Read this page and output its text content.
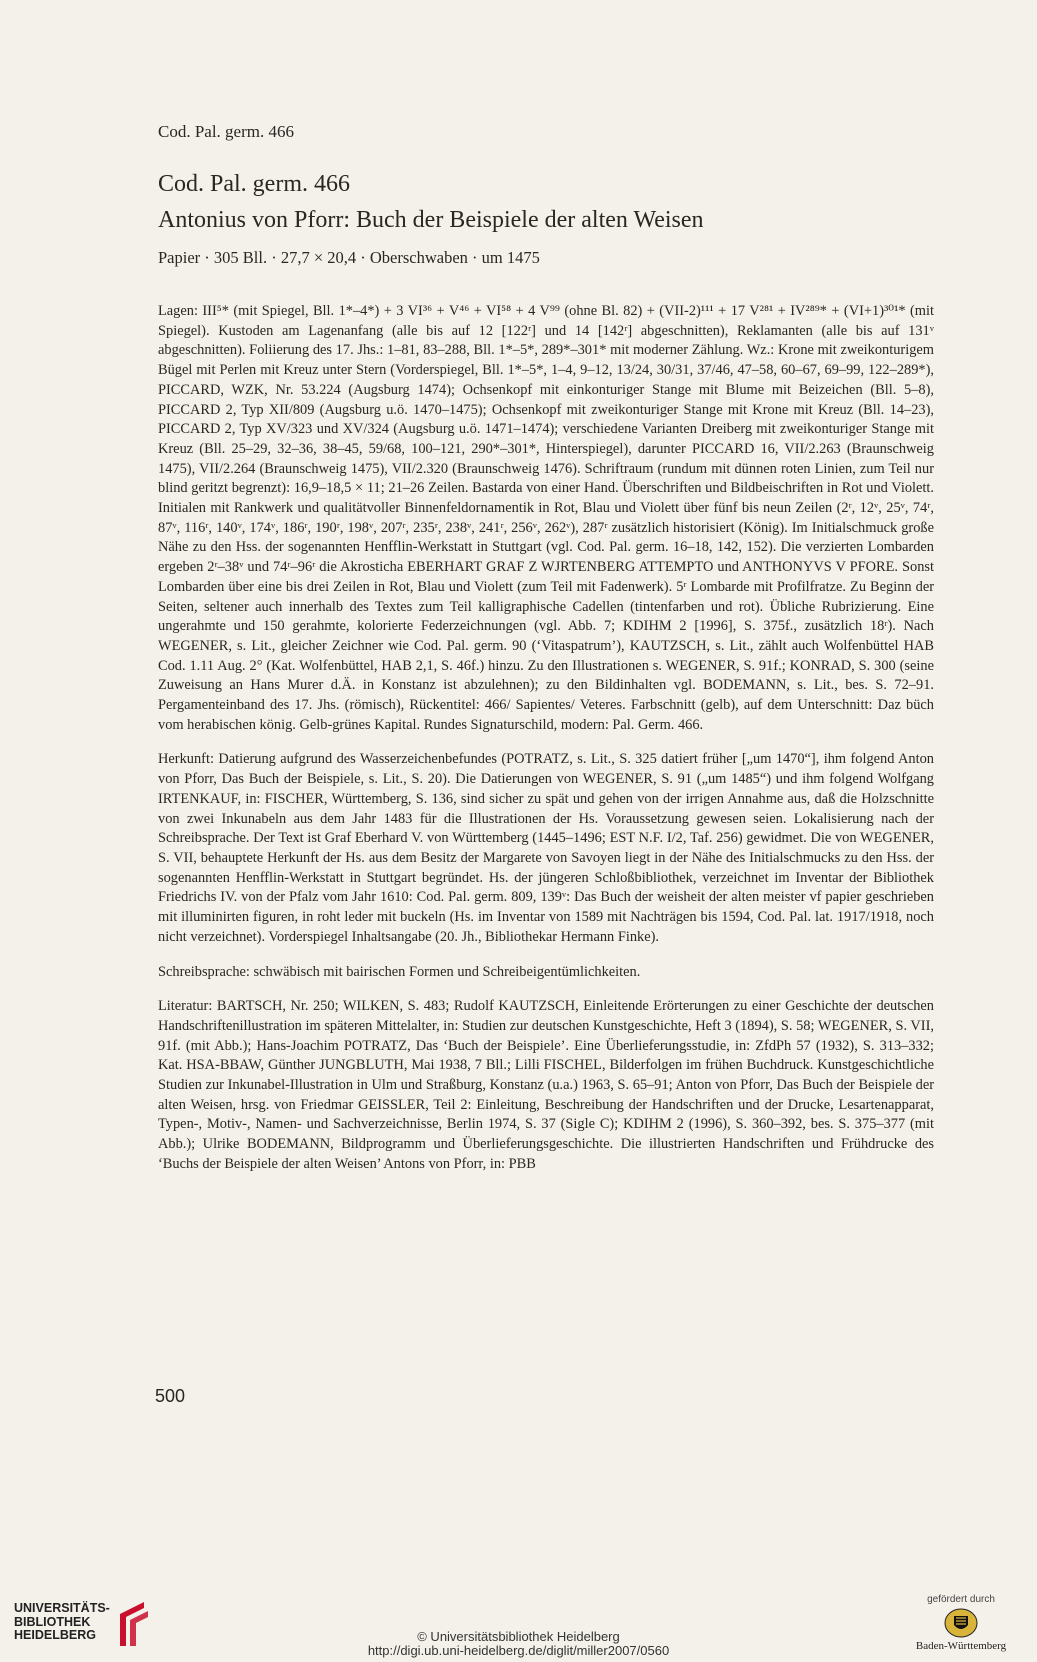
Cod. Pal. germ. 466
Cod. Pal. germ. 466
Antonius von Pforr: Buch der Beispiele der alten Weisen

Papier · 305 Bll. · 27,7 × 20,4 · Oberschwaben · um 1475

Lagen: III⁵* (mit Spiegel, Bll. 1*–4*) + 3 VI³⁶ + V⁴⁶ + VI⁵⁸ + 4 V⁹⁹ (ohne Bl. 82) + (VII-2)¹¹¹ + 17 V²⁸¹ + IV²⁸⁹* + (VI+1)³⁰¹* (mit Spiegel). Kustoden am Lagenanfang (alle bis auf 12 [122ʳ] und 14 [142ʳ] abgeschnitten), Reklamanten (alle bis auf 131ᵛ abgeschnitten). Foliierung des 17. Jhs.: 1–81, 83–288, Bll. 1*–5*, 289*–301* mit moderner Zählung. Wz.: Krone mit zweikonturigem Bügel mit Perlen mit Kreuz unter Stern (Vorderspiegel, Bll. 1*–5*, 1–4, 9–12, 13/24, 30/31, 37/46, 47–58, 60–67, 69–99, 122–289*), PICCARD, WZK, Nr. 53.224 (Augsburg 1474); Ochsenkopf mit einkonturiger Stange mit Blume mit Beizeichen (Bll. 5–8), PICCARD 2, Typ XII/809 (Augsburg u.ö. 1470–1475); Ochsenkopf mit zweikonturiger Stange mit Krone mit Kreuz (Bll. 14–23), PICCARD 2, Typ XV/323 und XV/324 (Augsburg u.ö. 1471–1474); verschiedene Varianten Dreiberg mit zweikonturiger Stange mit Kreuz (Bll. 25–29, 32–36, 38–45, 59/68, 100–121, 290*–301*, Hinterspiegel), darunter PICCARD 16, VII/2.263 (Braunschweig 1475), VII/2.264 (Braunschweig 1475), VII/2.320 (Braunschweig 1476). Schriftraum (rundum mit dünnen roten Linien, zum Teil nur blind geritzt begrenzt): 16,9–18,5 × 11; 21–26 Zeilen. Bastarda von einer Hand. Überschriften und Bildbeischriften in Rot und Violett. Initialen mit Rankwerk und qualitätvoller Binnenfeldornamentik in Rot, Blau und Violett über fünf bis neun Zeilen (2ʳ, 12ᵛ, 25ᵛ, 74ʳ, 87ᵛ, 116ʳ, 140ᵛ, 174ᵛ, 186ʳ, 190ʳ, 198ᵛ, 207ʳ, 235ʳ, 238ᵛ, 241ʳ, 256ᵛ, 262ᵛ), 287ʳ zusätzlich historisiert (König). Im Initialschmuck große Nähe zu den Hss. der sogenannten Henfflin-Werkstatt in Stuttgart (vgl. Cod. Pal. germ. 16–18, 142, 152). Die verzierten Lombarden ergeben 2ʳ–38ᵛ und 74ʳ–96ʳ die Akrosticha EBERHART GRAF Z WJRTENBERG ATTEMPTO und ANTHONYVS V PFORE. Sonst Lombarden über eine bis drei Zeilen in Rot, Blau und Violett (zum Teil mit Fadenwerk). 5ʳ Lombarde mit Profilfratze. Zu Beginn der Seiten, seltener auch innerhalb des Textes zum Teil kalligraphische Cadellen (tintenfarben und rot). Übliche Rubrizierung. Eine ungerahmte und 150 gerahmte, kolorierte Federzeichnungen (vgl. Abb. 7; KDIHM 2 [1996], S. 375f., zusätzlich 18ʳ). Nach WEGENER, s. Lit., gleicher Zeichner wie Cod. Pal. germ. 90 (‘Vitaspatrum’), KAUTZSCH, s. Lit., zählt auch Wolfenbüttel HAB Cod. 1.11 Aug. 2° (Kat. Wolfenbüttel, HAB 2,1, S. 46f.) hinzu. Zu den Illustrationen s. WEGENER, S. 91f.; KONRAD, S. 300 (seine Zuweisung an Hans Murer d.Ä. in Konstanz ist abzulehnen); zu den Bildinhalten vgl. BODEMANN, s. Lit., bes. S. 72–91. Pergamenteinband des 17. Jhs. (römisch), Rückentitel: 466/ Sapientes/ Veteres. Farbschnitt (gelb), auf dem Unterschnitt: Daz büch vom herabischen könig. Gelb-grünes Kapital. Rundes Signaturschild, modern: Pal. Germ. 466.

Herkunft: Datierung aufgrund des Wasserzeichenbefundes (POTRATZ, s. Lit., S. 325 datiert früher [„um 1470“], ihm folgend Anton von Pforr, Das Buch der Beispiele, s. Lit., S. 20). Die Datierungen von WEGENER, S. 91 („um 1485“) und ihm folgend Wolfgang IRTENKAUF, in: FISCHER, Württemberg, S. 136, sind sicher zu spät und gehen von der irrigen Annahme aus, daß die Holzschnitte von zwei Inkunabeln aus dem Jahr 1483 für die Illustrationen der Hs. Voraussetzung gewesen seien. Lokalisierung nach der Schreibsprache. Der Text ist Graf Eberhard V. von Württemberg (1445–1496; EST N.F. I/2, Taf. 256) gewidmet. Die von WEGENER, S. VII, behauptete Herkunft der Hs. aus dem Besitz der Margarete von Savoyen liegt in der Nähe des Initialschmucks zu den Hss. der sogenannten Henfflin-Werkstatt in Stuttgart begründet. Hs. der jüngeren Schloßbibliothek, verzeichnet im Inventar der Bibliothek Friedrichs IV. von der Pfalz vom Jahr 1610: Cod. Pal. germ. 809, 139ᵛ: Das Buch der weisheit der alten meister vf papier geschrieben mit illuminirten figuren, in roht leder mit buckeln (Hs. im Inventar von 1589 mit Nachträgen bis 1594, Cod. Pal. lat. 1917/1918, noch nicht verzeichnet). Vorderspiegel Inhaltsangabe (20. Jh., Bibliothekar Hermann Finke).

Schreibsprache: schwäbisch mit bairischen Formen und Schreibeigentümlichkeiten.

Literatur: BARTSCH, Nr. 250; WILKEN, S. 483; Rudolf KAUTZSCH, Einleitende Erörterungen zu einer Geschichte der deutschen Handschriftenillustration im späteren Mittelalter, in: Studien zur deutschen Kunstgeschichte, Heft 3 (1894), S. 58; WEGENER, S. VII, 91f. (mit Abb.); Hans-Joachim POTRATZ, Das ‘Buch der Beispiele’. Eine Überlieferungsstudie, in: ZfdPh 57 (1932), S. 313–332; Kat. HSA-BBAW, Günther JUNGBLUTH, Mai 1938, 7 Bll.; Lilli FISCHEL, Bilderfolgen im frühen Buchdruck. Kunstgeschichtliche Studien zur Inkunabel-Illustration in Ulm und Straßburg, Konstanz (u.a.) 1963, S. 65–91; Anton von Pforr, Das Buch der Beispiele der alten Weisen, hrsg. von Friedmar GEISSLER, Teil 2: Einleitung, Beschreibung der Handschriften und der Drucke, Lesartenapparat, Typen-, Motiv-, Namen- und Sachverzeichnisse, Berlin 1974, S. 37 (Sigle C); KDIHM 2 (1996), S. 360–392, bes. S. 375–377 (mit Abb.); Ulrike BODEMANN, Bildprogramm und Überlieferungsgeschichte. Die illustrierten Handschriften und Frühdrucke des ‘Buchs der Beispiele der alten Weisen’ Antons von Pforr, in: PBB

500
UNIVERSITÄTS-
BIBLIOTHEK
HEIDELBERG	© Universitätsbibliothek Heidelberg
http://digi.ub.uni-heidelberg.de/diglit/miller2007/0560
gefördert durch
Baden-Württemberg
